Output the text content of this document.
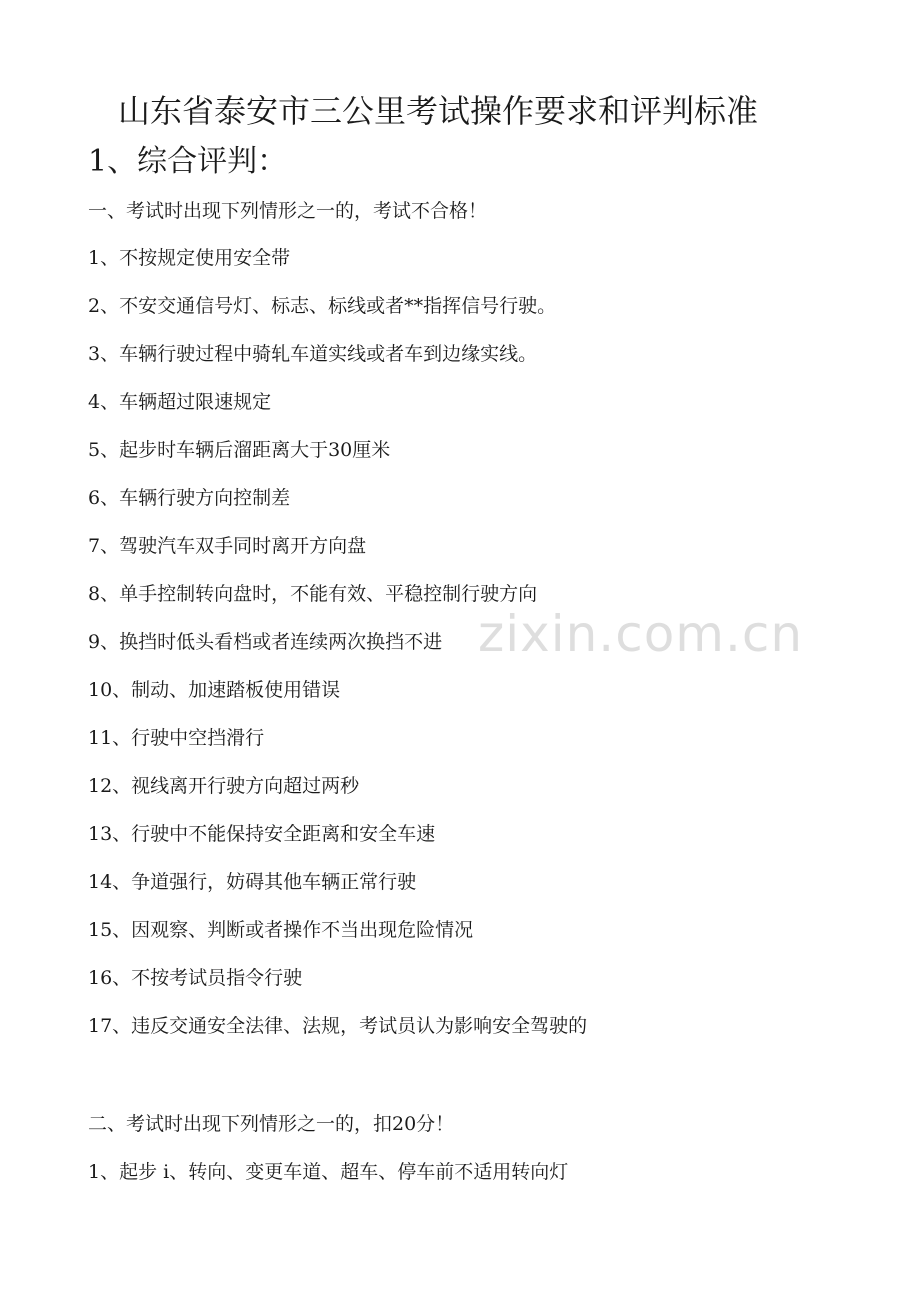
山东省泰安市三公里考试操作要求和评判标准
1、综合评判：
一、考试时出现下列情形之一的，考试不合格！
1、不按规定使用安全带
2、不安交通信号灯、标志、标线或者**指挥信号行驶。
3、车辆行驶过程中骑轧车道实线或者车到边缘实线。
4、车辆超过限速规定
5、起步时车辆后溜距离大于30厘米
6、车辆行驶方向控制差
7、驾驶汽车双手同时离开方向盘
8、单手控制转向盘时，不能有效、平稳控制行驶方向
9、换挡时低头看档或者连续两次换挡不进
10、制动、加速踏板使用错误
11、行驶中空挡滑行
12、视线离开行驶方向超过两秒
13、行驶中不能保持安全距离和安全车速
14、争道强行，妨碍其他车辆正常行驶
15、因观察、判断或者操作不当出现危险情况
16、不按考试员指令行驶
17、违反交通安全法律、法规，考试员认为影响安全驾驶的
二、考试时出现下列情形之一的，扣20分！
1、起步 i、转向、变更车道、超车、停车前不适用转向灯
zixin.com.cn
